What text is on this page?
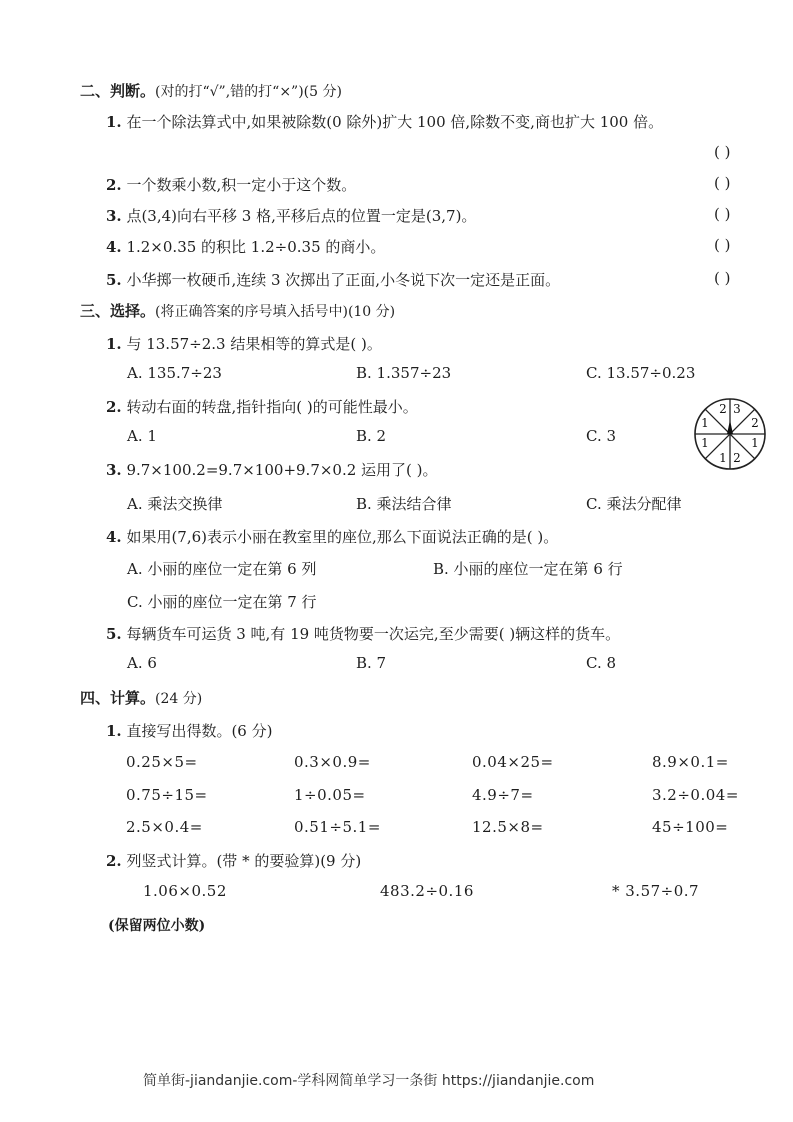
二、判断。(对的打“√”,错的打“×”)(5 分)
1. 在一个除法算式中,如果被除数(0 除外)扩大 100 倍,除数不变,商也扩大 100 倍。
( )
2. 一个数乘小数,积一定小于这个数。	( )
3. 点(3,4)向右平移 3 格,平移后点的位置一定是(3,7)。	( )
4. 1.2×0.35 的积比 1.2÷0.35 的商小。	( )
5. 小华掷一枚硬币,连续 3 次掷出了正面,小冬说下次一定还是正面。	( )
三、选择。(将正确答案的序号填入括号中)(10 分)
1. 与 13.57÷2.3 结果相等的算式是( )。
A. 135.7÷23	B. 1.357÷23	C. 13.57÷0.23
2. 转动右面的转盘,指针指向( )的可能性最小。
A. 1	B. 2	C. 3
3
2
1
2
1
1
1
2
3. 9.7×100.2=9.7×100+9.7×0.2 运用了( )。
A. 乘法交换律	B. 乘法结合律	C. 乘法分配律
4. 如果用(7,6)表示小丽在教室里的座位,那么下面说法正确的是( )。
A. 小丽的座位一定在第 6 列	B. 小丽的座位一定在第 6 行
C. 小丽的座位一定在第 7 行
5. 每辆货车可运货 3 吨,有 19 吨货物要一次运完,至少需要( )辆这样的货车。
A. 6	B. 7	C. 8
四、计算。(24 分)
1. 直接写出得数。(6 分)
0.25×5=	0.3×0.9=	0.04×25=	8.9×0.1=
0.75÷15=	1÷0.05=	4.9÷7=	3.2÷0.04=
2.5×0.4=	0.51÷5.1=	12.5×8=	45÷100=
2. 列竖式计算。(带 * 的要验算)(9 分)
1.06×0.52	483.2÷0.16	* 3.57÷0.7
(保留两位小数)
简单街-jiandanjie.com-学科网简单学习一条街 https://jiandanjie.com
